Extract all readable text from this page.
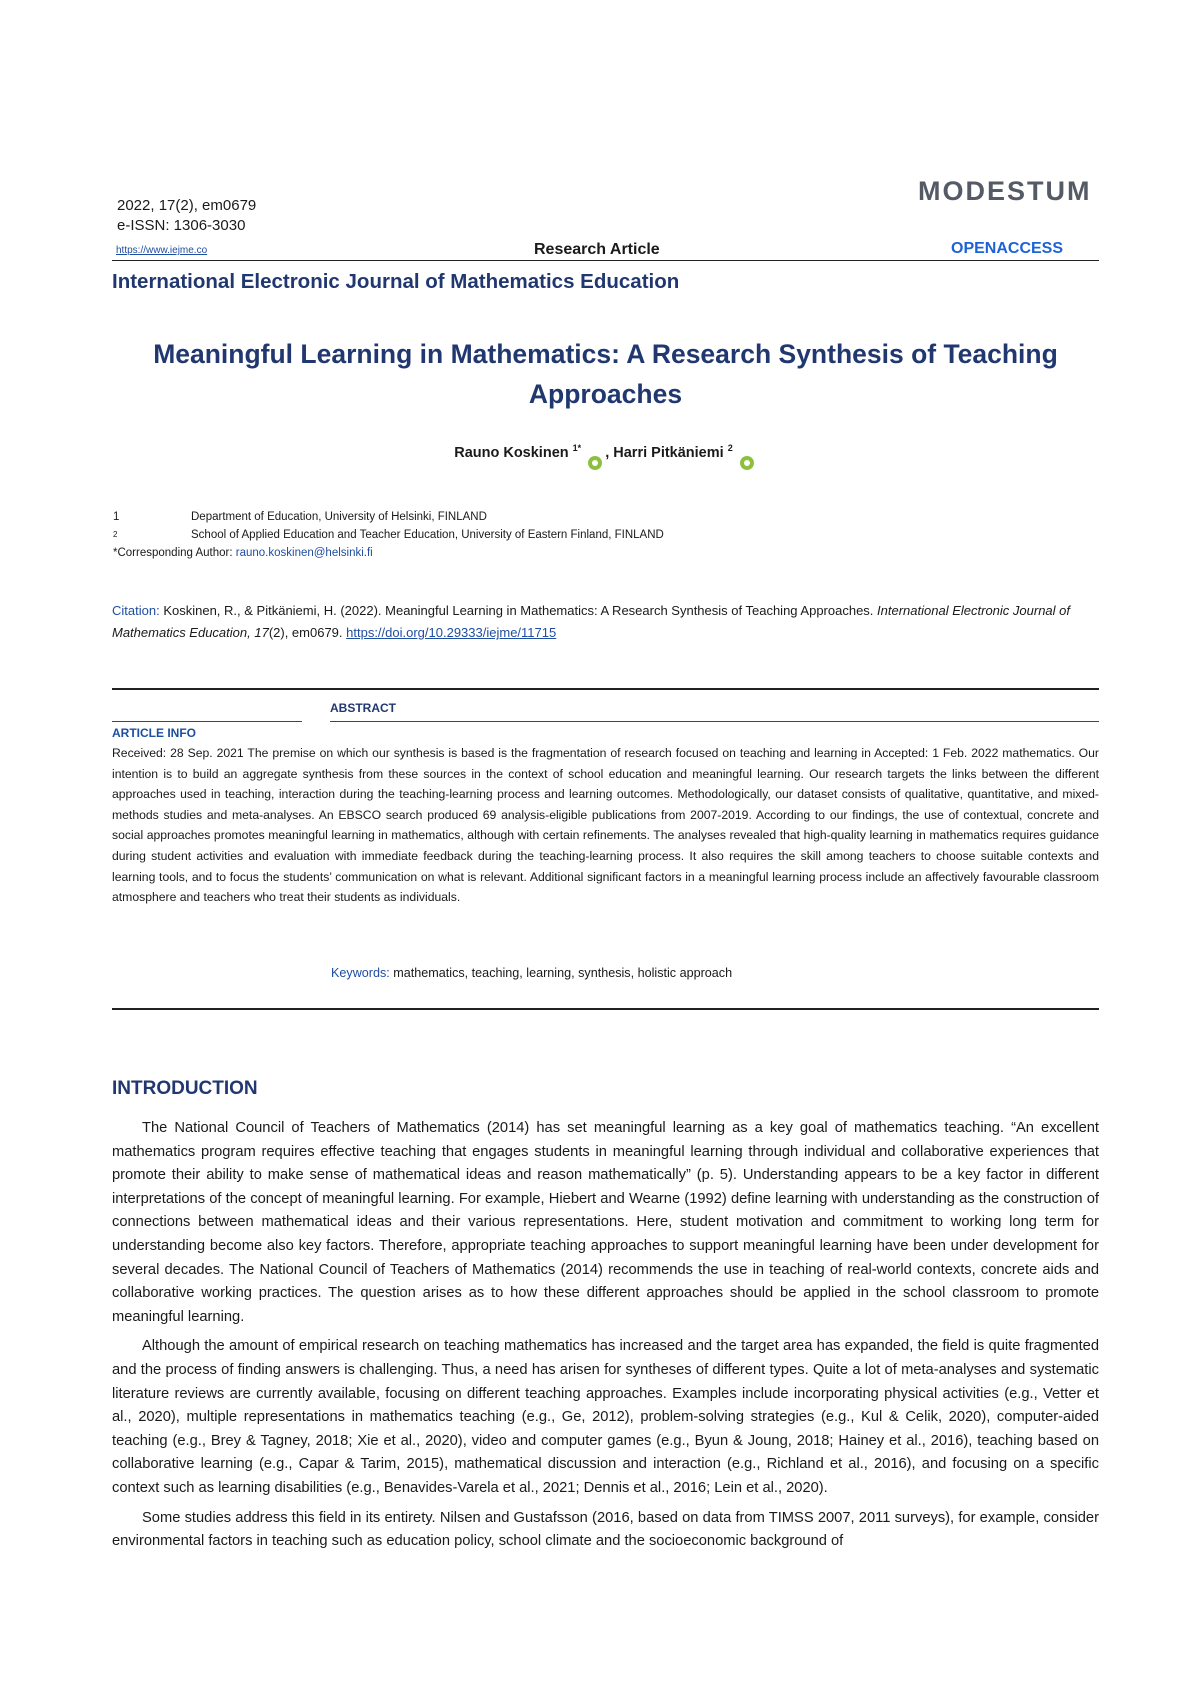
2022, 17(2), em0679
e-ISSN: 1306-3030
https://www.iejme.co	Research Article
MODESTUM
OPENACCESS
International Electronic Journal of Mathematics Education
Meaningful Learning in Mathematics: A Research Synthesis of Teaching Approaches
Rauno Koskinen $^{1*}$ , Harri Pitkäniemi $^2$
1	Department of Education, University of Helsinki, FINLAND
2	School of Applied Education and Teacher Education, University of Eastern Finland, FINLAND
*Corresponding Author: rauno.koskinen@helsinki.fi
Citation: Koskinen, R., & Pitkäniemi, H. (2022). Meaningful Learning in Mathematics: A Research Synthesis of Teaching Approaches. International Electronic Journal of Mathematics Education, 17(2), em0679. https://doi.org/10.29333/iejme/11715
ABSTRACT
ARTICLE INFO
Received: 28 Sep. 2021 The premise on which our synthesis is based is the fragmentation of research focused on teaching and learning in Accepted: 1 Feb. 2022 mathematics. Our intention is to build an aggregate synthesis from these sources in the context of school education and meaningful learning. Our research targets the links between the different approaches used in teaching, interaction during the teaching-learning process and learning outcomes. Methodologically, our dataset consists of qualitative, quantitative, and mixed-methods studies and meta-analyses. An EBSCO search produced 69 analysis-eligible publications from 2007-2019. According to our findings, the use of contextual, concrete and social approaches promotes meaningful learning in mathematics, although with certain refinements. The analyses revealed that high-quality learning in mathematics requires guidance during student activities and evaluation with immediate feedback during the teaching-learning process. It also requires the skill among teachers to choose suitable contexts and learning tools, and to focus the students’ communication on what is relevant. Additional significant factors in a meaningful learning process include an affectively favourable classroom atmosphere and teachers who treat their students as individuals.
Keywords: mathematics, teaching, learning, synthesis, holistic approach
INTRODUCTION

The National Council of Teachers of Mathematics (2014) has set meaningful learning as a key goal of mathematics teaching. “An excellent mathematics program requires effective teaching that engages students in meaningful learning through individual and collaborative experiences that promote their ability to make sense of mathematical ideas and reason mathematically” (p. 5). Understanding appears to be a key factor in different interpretations of the concept of meaningful learning. For example, Hiebert and Wearne (1992) define learning with understanding as the construction of connections between mathematical ideas and their various representations. Here, student motivation and commitment to working long term for understanding become also key factors. Therefore, appropriate teaching approaches to support meaningful learning have been under development for several decades. The National Council of Teachers of Mathematics (2014) recommends the use in teaching of real-world contexts, concrete aids and collaborative working practices. The question arises as to how these different approaches should be applied in the school classroom to promote meaningful learning.

Although the amount of empirical research on teaching mathematics has increased and the target area has expanded, the field is quite fragmented and the process of finding answers is challenging. Thus, a need has arisen for syntheses of different types. Quite a lot of meta-analyses and systematic literature reviews are currently available, focusing on different teaching approaches. Examples include incorporating physical activities (e.g., Vetter et al., 2020), multiple representations in mathematics teaching (e.g., Ge, 2012), problem-solving strategies (e.g., Kul & Celik, 2020), computer-aided teaching (e.g., Brey & Tagney, 2018; Xie et al., 2020), video and computer games (e.g., Byun & Joung, 2018; Hainey et al., 2016), teaching based on collaborative learning (e.g., Capar & Tarim, 2015), mathematical discussion and interaction (e.g., Richland et al., 2016), and focusing on a specific context such as learning disabilities (e.g., Benavides-Varela et al., 2021; Dennis et al., 2016; Lein et al., 2020).

Some studies address this field in its entirety. Nilsen and Gustafsson (2016, based on data from TIMSS 2007, 2011 surveys), for example, consider environmental factors in teaching such as education policy, school climate and the socioeconomic background of
